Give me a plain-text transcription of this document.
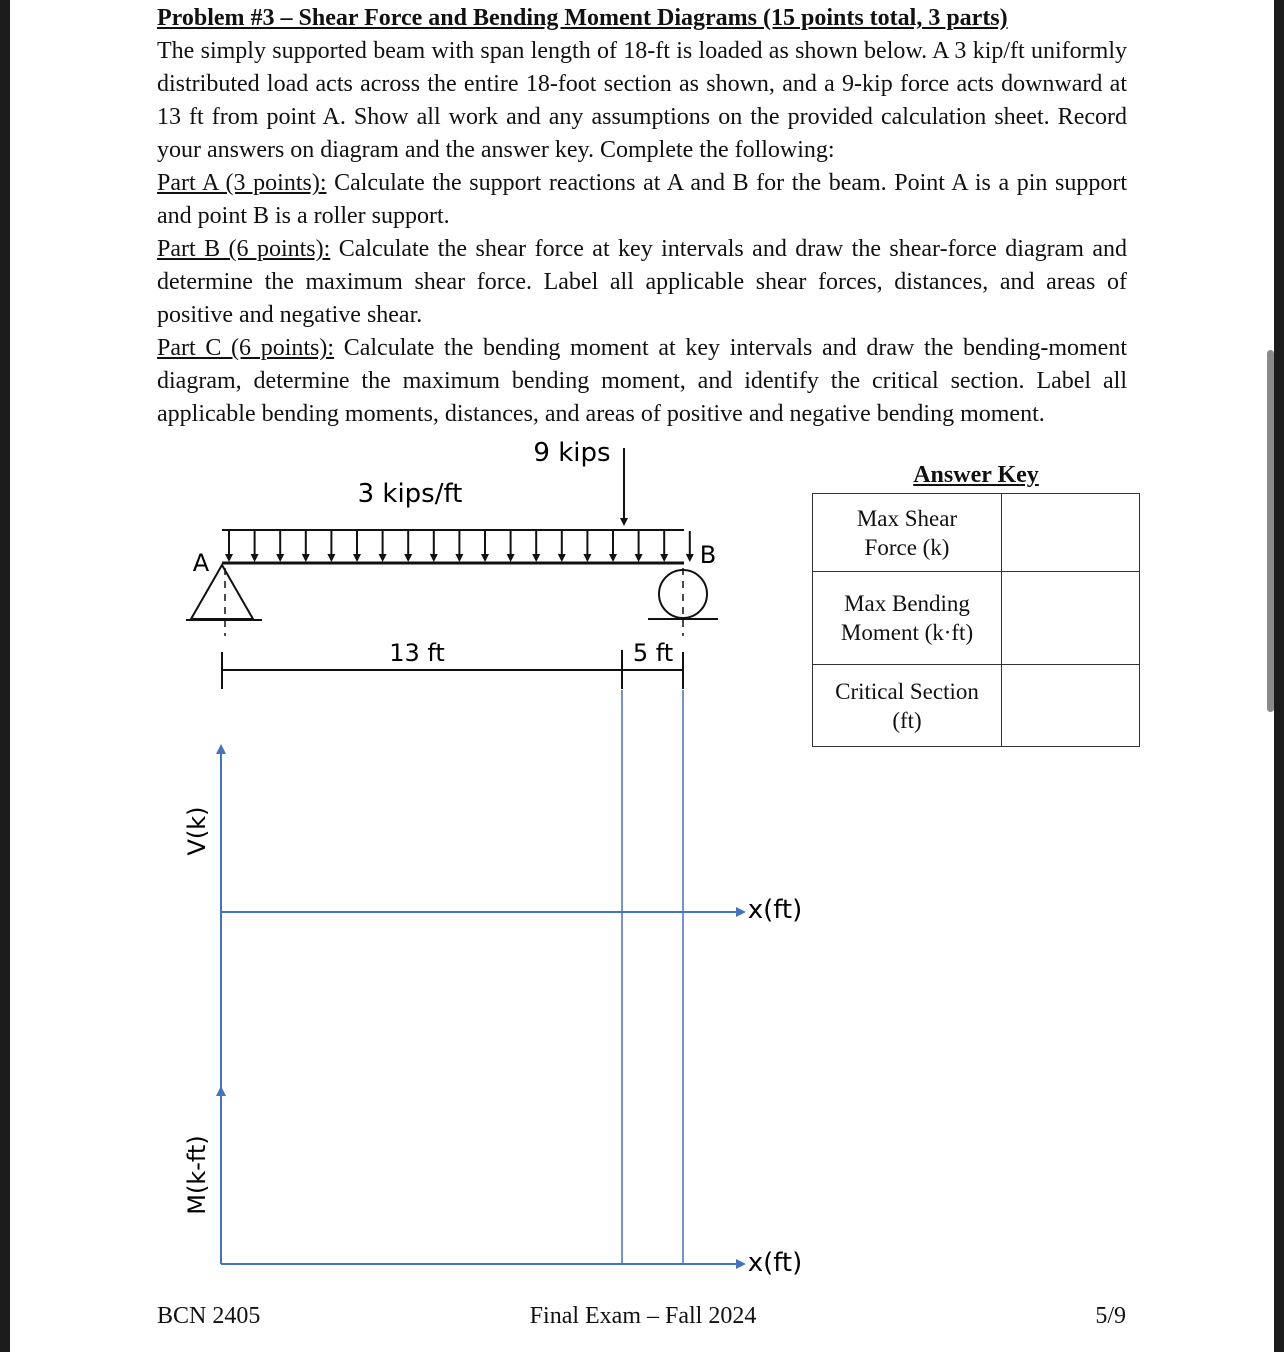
Problem #3 – Shear Force and Bending Moment Diagrams (15 points total, 3 parts)

The simply supported beam with span length of 18-ft is loaded as shown below. A 3 kip/ft uniformly distributed load acts across the entire 18-foot section as shown, and a 9-kip force acts downward at 13 ft from point A. Show all work and any assumptions on the provided calculation sheet. Record your answers on diagram and the answer key. Complete the following:

Part A (3 points): Calculate the support reactions at A and B for the beam. Point A is a pin support and point B is a roller support.

Part B (6 points): Calculate the shear force at key intervals and draw the shear-force diagram and determine the maximum shear force. Label all applicable shear forces, distances, and areas of positive and negative shear.

Part C (6 points): Calculate the bending moment at key intervals and draw the bending-moment diagram, determine the maximum bending moment, and identify the critical section. Label all applicable bending moments, distances, and areas of positive and negative bending moment.

9 kips
3 kips/ft
A	B
13 ft	5 ft
V(k)
x(ft)
M(k-ft)
x(ft)
Answer Key
Max Shear
Force (k)	
Max Bending
Moment (k·ft)	
Critical Section
(ft)	
BCN 2405	Final Exam – Fall 2024	5/9
